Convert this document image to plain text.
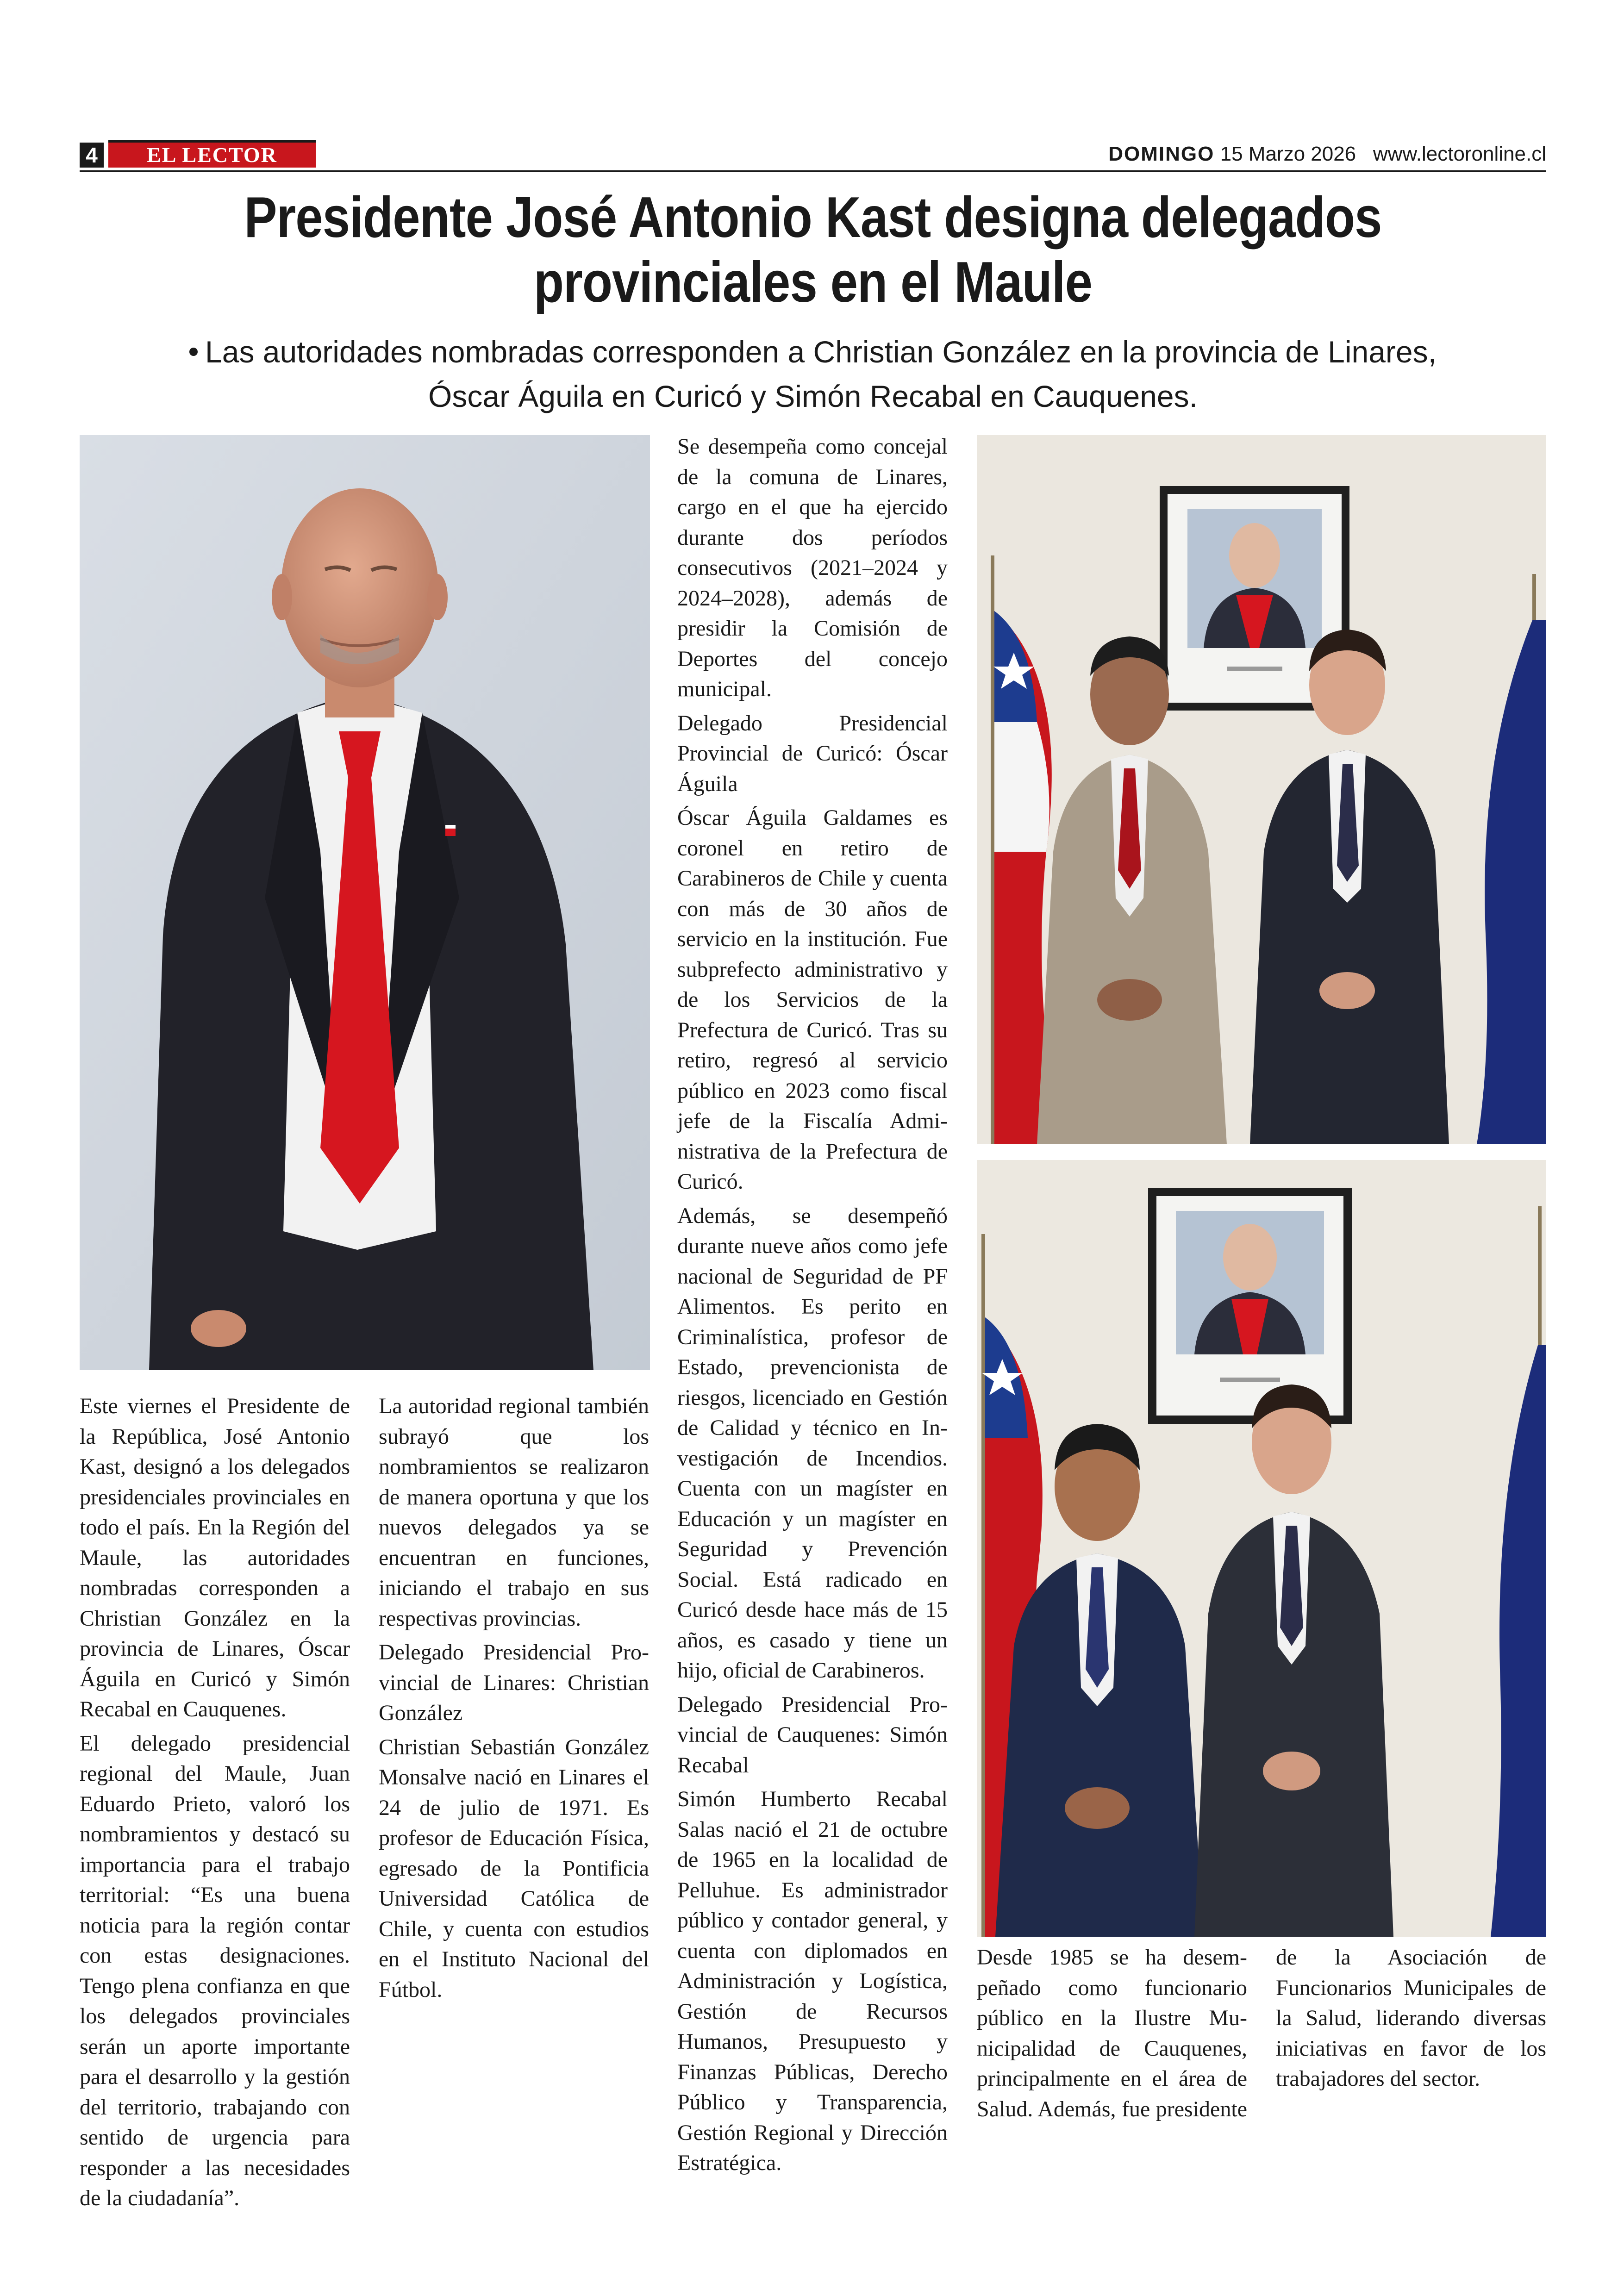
4	EL LECTOR	DOMINGO 15 Marzo 2026 www.lectoronline.cl
Presidente José Antonio Kast designa delegados
provinciales en el Maule
Las autoridades nombradas corresponden a Christian González en la provincia de Linares,
Óscar Águila en Curicó y Simón Recabal en Cauquenes.

Este viernes el Presidente de la República, José Antonio Kast, designó a los delegados presidenciales provinciales en todo el país. En la Región del Maule, las autoridades nombradas corresponden a Christian González en la provincia de Linares, Óscar Águila en Curicó y Simón Recabal en Cauquenes.

El delegado presidencial regional del Maule, Juan Eduardo Prieto, valoró los nombramientos y destacó su importancia para el trabajo territorial: “Es una buena noticia para la región contar con estas designaciones. Tengo plena confianza en que los delegados provinciales serán un aporte importante para el desarrollo y la gestión del territorio, trabajando con sentido de urgencia para responder a las necesidades de la ciudadanía”.

La autoridad regional también subrayó que los nombramientos se realizaron de manera oportuna y que los nuevos delegados ya se encuentran en funciones, iniciando el trabajo en sus respectivas provincias.

Delegado Presidencial Provincial de Linares: Christian González

Christian Sebastián González Monsalve nació en Linares el 24 de julio de 1971. Es profesor de Educación Física, egresado de la Pontificia Universidad Católica de Chile, y cuenta con estudios en el Instituto Nacional del Fútbol.

Se desempeña como concejal de la comuna de Linares, cargo en el que ha ejercido durante dos períodos consecutivos (2021–2024 y 2024–2028), además de presidir la Comisión de Deportes del concejo municipal.

Delegado Presidencial Provincial de Curicó: Óscar Águila

Óscar Águila Galdames es coronel en retiro de Carabineros de Chile y cuenta con más de 30 años de servicio en la institución. Fue subprefecto administrativo y de los Servicios de la Prefectura de Curicó. Tras su retiro, regresó al servicio público en 2023 como fiscal jefe de la Fiscalía Administrativa de la Prefectura de Curicó.

Además, se desempeñó durante nueve años como jefe nacional de Seguridad de PF Alimentos. Es perito en Criminalística, profesor de Estado, prevencionista de riesgos, licenciado en Gestión de Calidad y técnico en Investigación de Incendios. Cuenta con un magíster en Educación y un magíster en Seguridad y Prevención Social. Está radicado en Curicó desde hace más de 15 años, es casado y tiene un hijo, oficial de Carabineros.

Delegado Presidencial Provincial de Cauquenes: Simón Recabal

Simón Humberto Recabal Salas nació el 21 de octubre de 1965 en la localidad de Pelluhue. Es administrador público y contador general, y cuenta con diplomados en Administración y Logística, Gestión de Recursos Humanos, Presupuesto y Finanzas Públicas, Derecho Público y Transparencia, Gestión Regional y Dirección Estratégica.

Desde 1985 se ha desempeñado como funcionario público en la Ilustre Municipalidad de Cauquenes, principalmente en el área de Salud. Además, fue presidente de la Asociación de Funcionarios Municipales de la Salud, liderando diversas iniciativas en favor de los trabajadores del sector.
